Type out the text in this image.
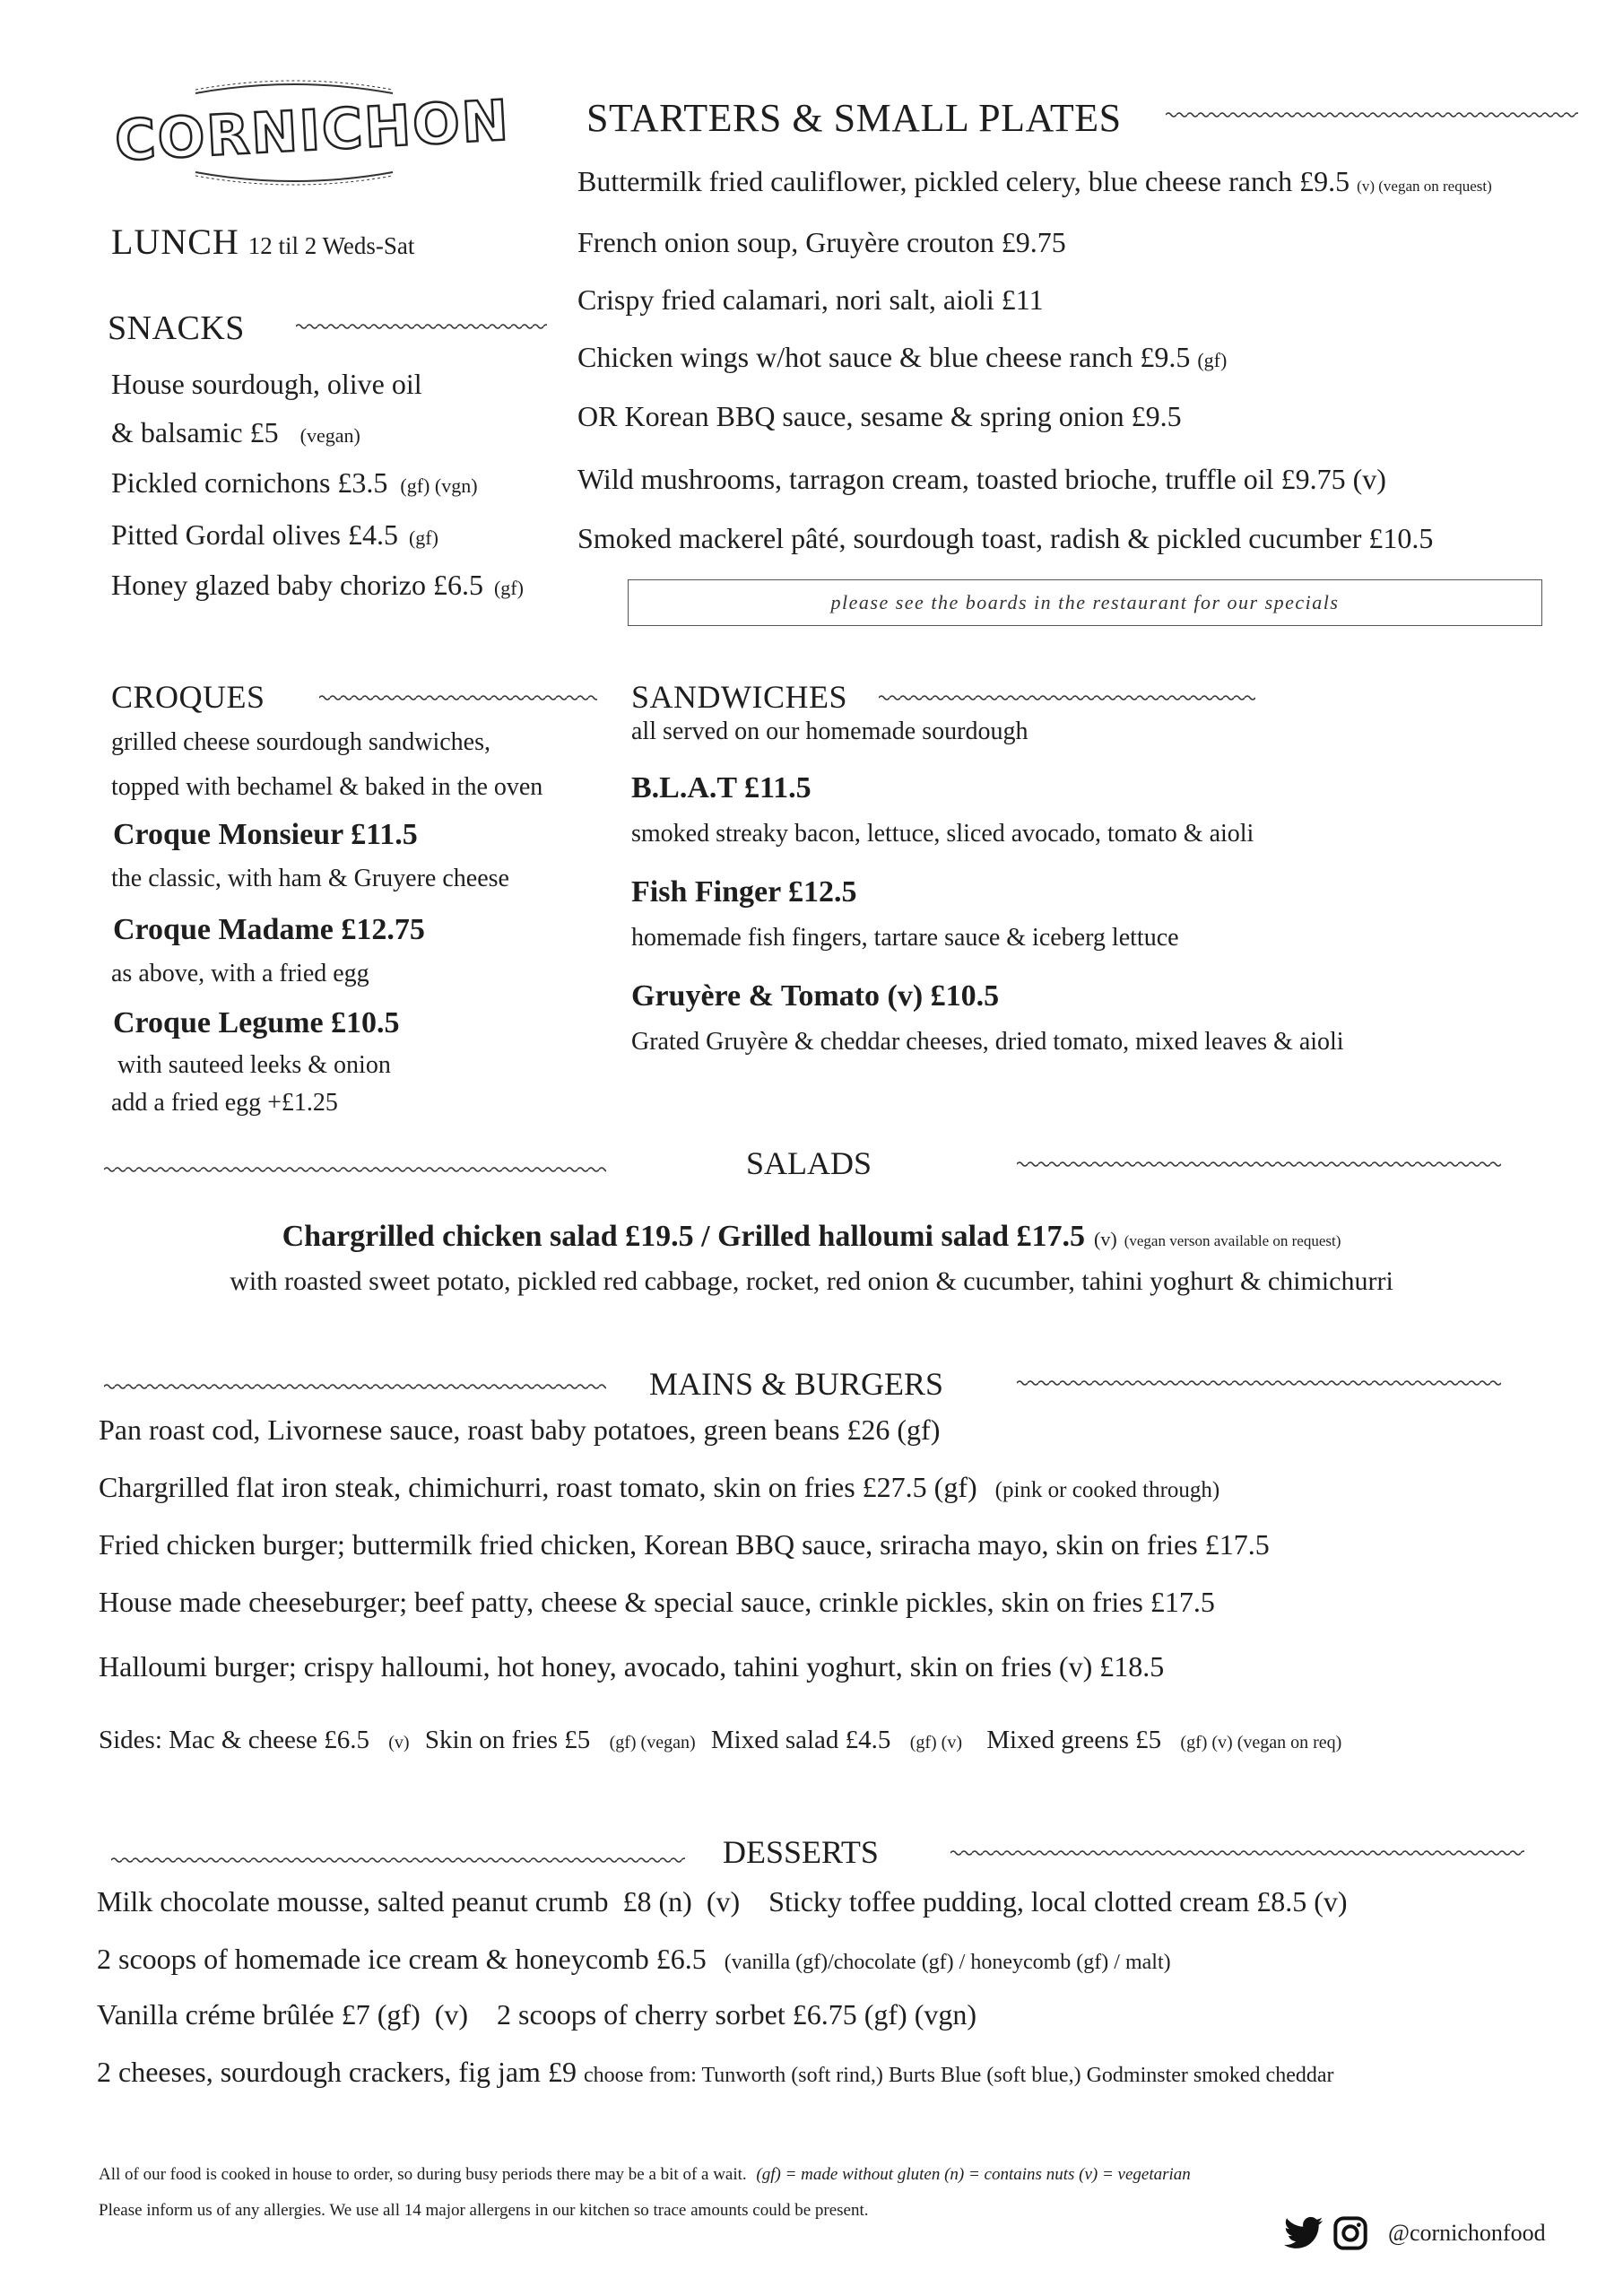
CORNICHON
LUNCH 12 til 2 Weds-Sat
SNACKS
House sourdough, olive oil
& balsamic £5 (vegan)
Pickled cornichons £3.5 (gf) (vgn)
Pitted Gordal olives £4.5 (gf)
Honey glazed baby chorizo £6.5 (gf)
STARTERS & SMALL PLATES
Buttermilk fried cauliflower, pickled celery, blue cheese ranch £9.5 (v) (vegan on request)
French onion soup, Gruyère crouton £9.75
Crispy fried calamari, nori salt, aioli £11
Chicken wings w/hot sauce & blue cheese ranch £9.5 (gf)
OR Korean BBQ sauce, sesame & spring onion £9.5
Wild mushrooms, tarragon cream, toasted brioche, truffle oil £9.75 (v)
Smoked mackerel pâté, sourdough toast, radish & pickled cucumber £10.5
please see the boards in the restaurant for our specials
CROQUES
grilled cheese sourdough sandwiches,
topped with bechamel & baked in the oven
Croque Monsieur £11.5
the classic, with ham & Gruyere cheese
Croque Madame £12.75
as above, with a fried egg
Croque Legume £10.5
with sauteed leeks & onion
add a fried egg +£1.25
SANDWICHES
all served on our homemade sourdough
B.L.A.T £11.5
smoked streaky bacon, lettuce, sliced avocado, tomato & aioli
Fish Finger £12.5
homemade fish fingers, tartare sauce & iceberg lettuce
Gruyère & Tomato (v) £10.5
Grated Gruyère & cheddar cheeses, dried tomato, mixed leaves & aioli
SALADS
Chargrilled chicken salad £19.5 / Grilled halloumi salad £17.5 (v) (vegan verson available on request)
with roasted sweet potato, pickled red cabbage, rocket, red onion & cucumber, tahini yoghurt & chimichurri
MAINS & BURGERS
Pan roast cod, Livornese sauce, roast baby potatoes, green beans £26 (gf)
Chargrilled flat iron steak, chimichurri, roast tomato, skin on fries £27.5 (gf) (pink or cooked through)
Fried chicken burger; buttermilk fried chicken, Korean BBQ sauce, sriracha mayo, skin on fries £17.5
House made cheeseburger; beef patty, cheese & special sauce, crinkle pickles, skin on fries £17.5
Halloumi burger; crispy halloumi, hot honey, avocado, tahini yoghurt, skin on fries (v) £18.5
Sides: Mac & cheese £6.5 (v) Skin on fries £5 (gf) (vegan) Mixed salad £4.5 (gf) (v) Mixed greens £5 (gf) (v) (vegan on req)
DESSERTS
Milk chocolate mousse, salted peanut crumb  £8 (n)  (v)    Sticky toffee pudding, local clotted cream £8.5 (v)
2 scoops of homemade ice cream & honeycomb £6.5 (vanilla (gf)/chocolate (gf) / honeycomb (gf) / malt)
Vanilla créme brûlée £7 (gf)  (v)    2 scoops of cherry sorbet £6.75 (gf) (vgn)
2 cheeses, sourdough crackers, fig jam £9 choose from: Tunworth (soft rind,) Burts Blue (soft blue,) Godminster smoked cheddar
All of our food is cooked in house to order, so during busy periods there may be a bit of a wait. (gf) = made without gluten (n) = contains nuts (v) = vegetarian
Please inform us of any allergies. We use all 14 major allergens in our kitchen so trace amounts could be present.
@cornichonfood
